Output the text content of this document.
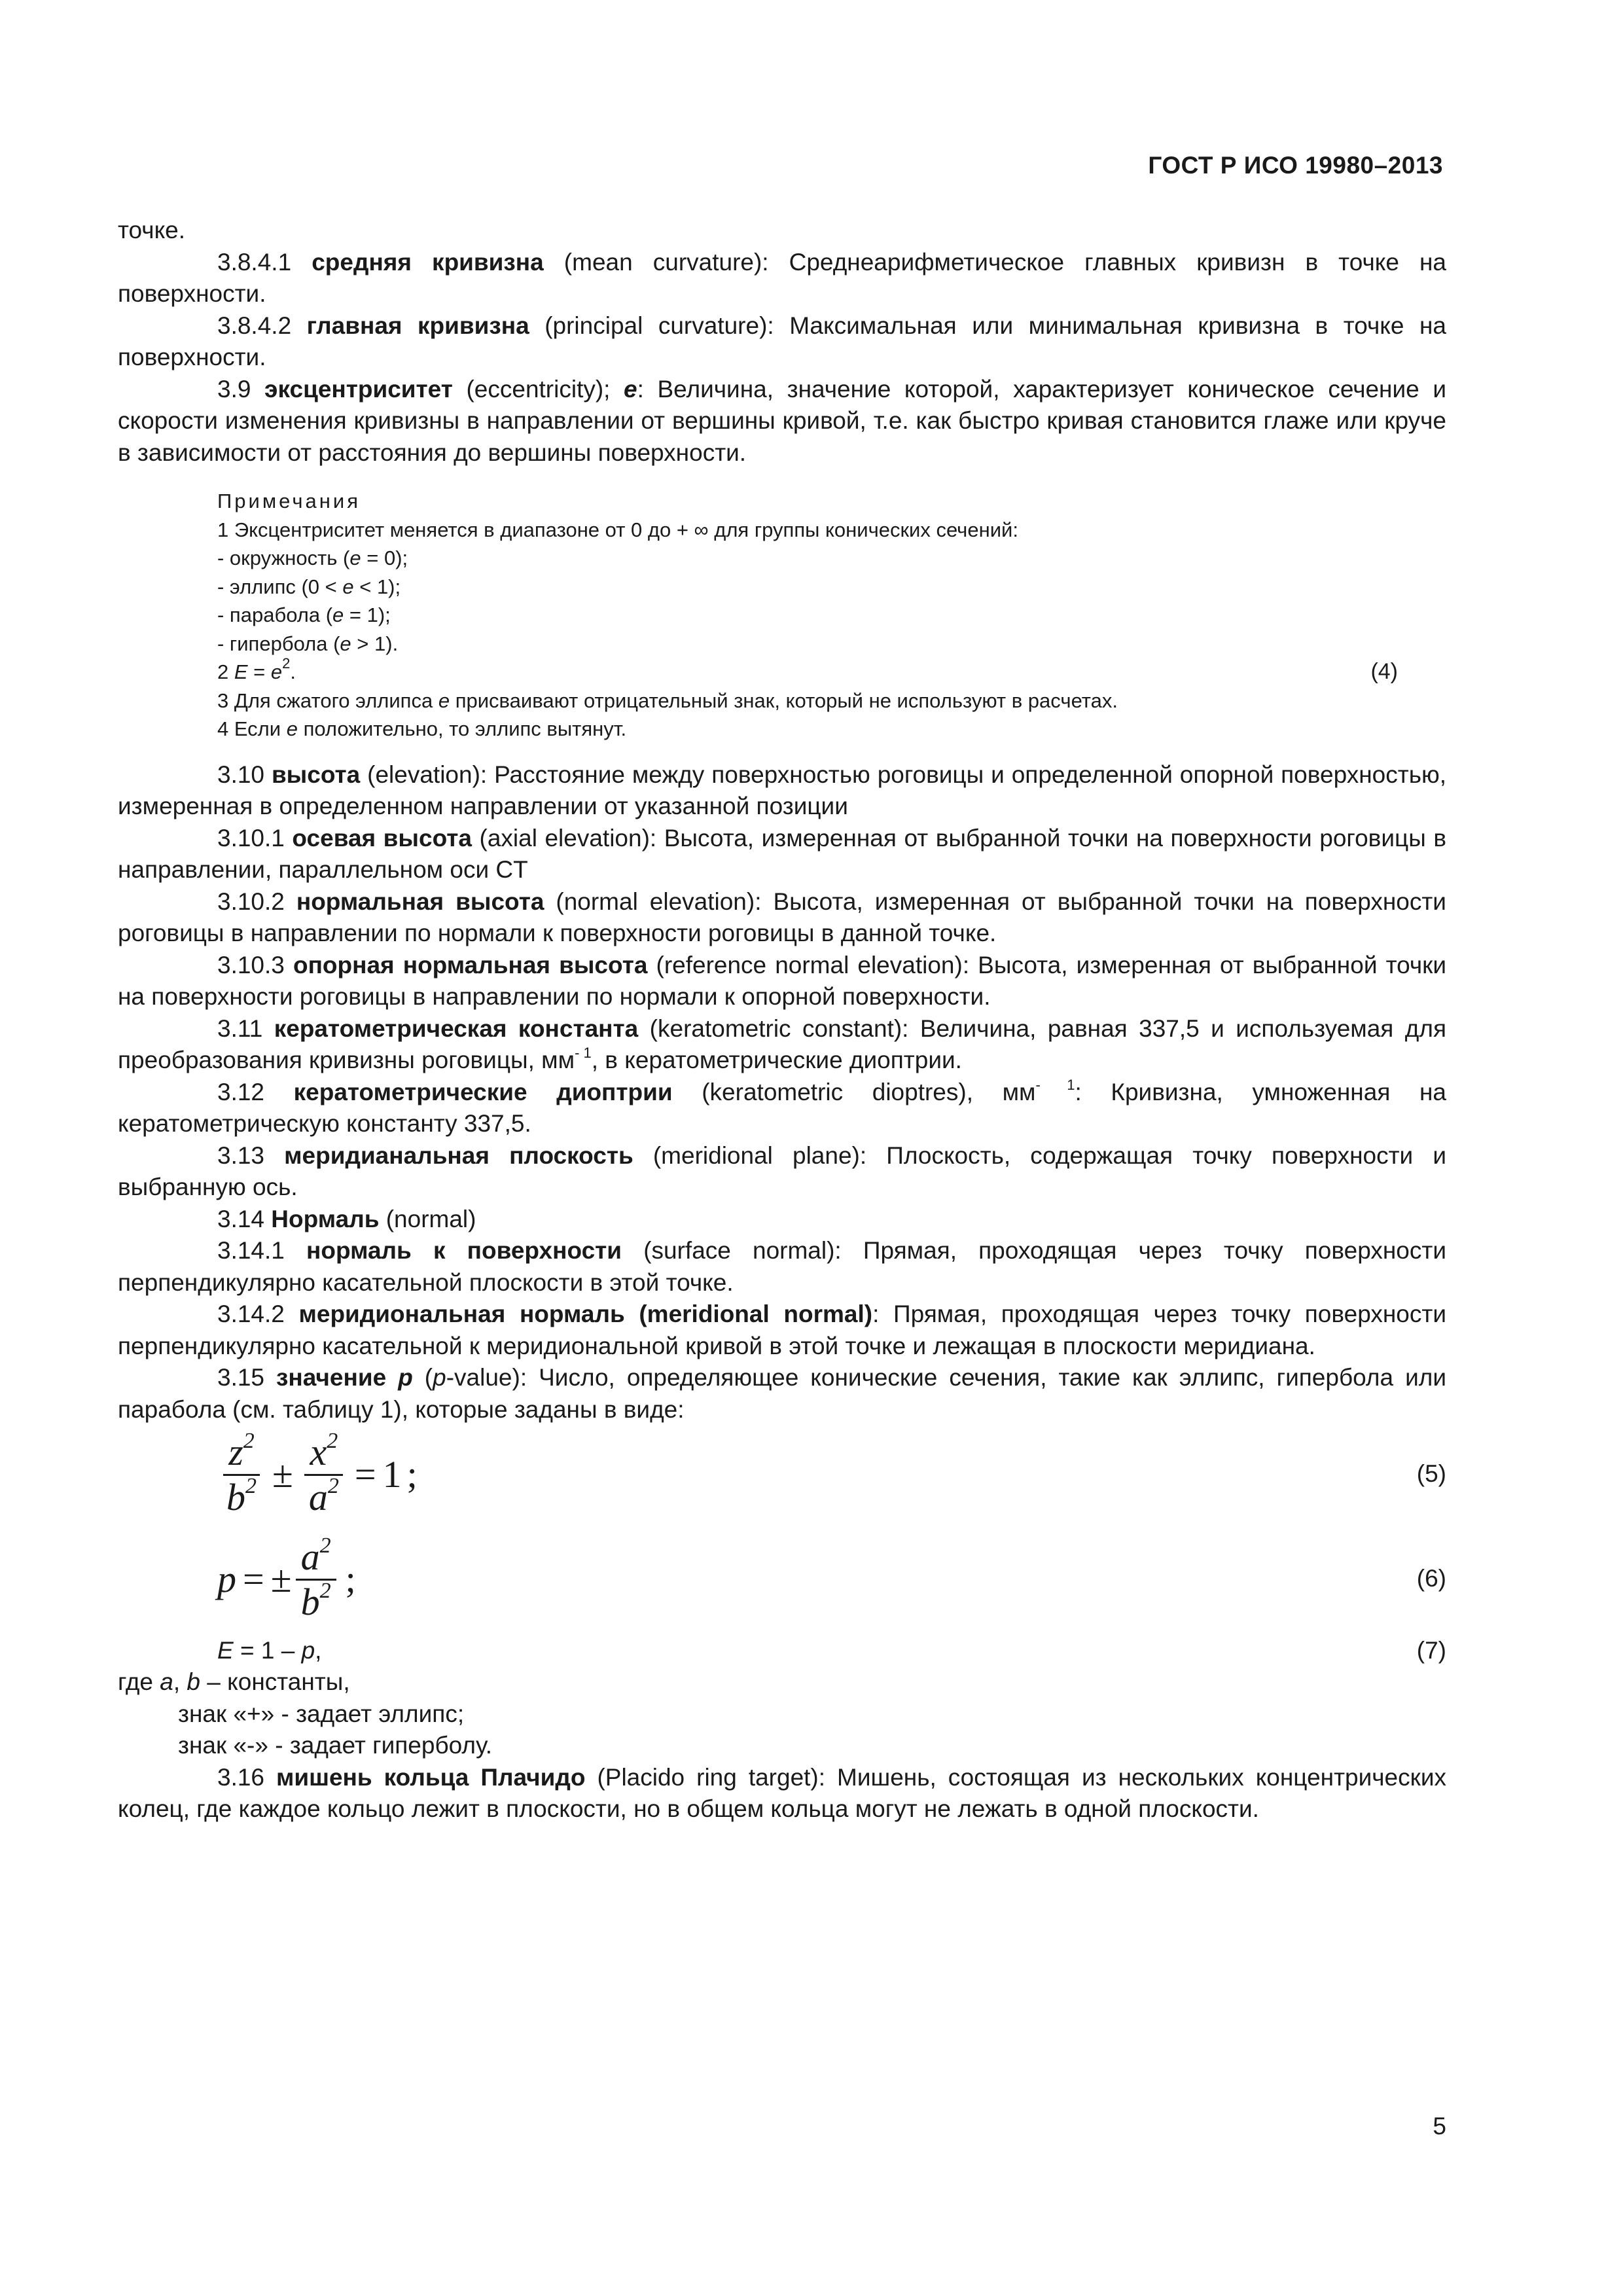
ГОСТ Р ИСО 19980–2013

точке.

3.8.4.1 средняя кривизна (mean curvature): Среднеарифметическое главных кривизн в точке на поверхности.

3.8.4.2 главная кривизна (principal curvature): Максимальная или минимальная кривизна в точке на поверхности.

3.9 эксцентриситет (eccentricity); e: Величина, значение которой, характеризует коническое сечение и скорости изменения кривизны в направлении от вершины кривой, т.е. как быстро кривая становится глаже или круче в зависимости от расстояния до вершины поверхности.

Примечания

1 Эксцентриситет меняется в диапазоне от 0 до + ∞ для группы конических сечений:

- окружность (e = 0);

- эллипс (0 < e < 1);

- парабола (e = 1);

- гипербола (e > 1).

2 $E = e^2$.	(4)

3 Для сжатого эллипса e присваивают отрицательный знак, который не используют в расчетах.

4 Если e положительно, то эллипс вытянут.

3.10 высота (elevation): Расстояние между поверхностью роговицы и определенной опорной поверхностью, измеренная в определенном направлении от указанной позиции

3.10.1 осевая высота (axial elevation): Высота, измеренная от выбранной точки на поверхности роговицы в направлении, параллельном оси CT

3.10.2 нормальная высота (normal elevation): Высота, измеренная от выбранной точки на поверхности роговицы в направлении по нормали к поверхности роговицы в данной точке.

3.10.3 опорная нормальная высота (reference normal elevation): Высота, измеренная от выбранной точки на поверхности роговицы в направлении по нормали к опорной поверхности.

3.11 кератометрическая константа (keratometric constant): Величина, равная 337,5 и используемая для преобразования кривизны роговицы, $мм^{- 1}$, в кератометрические диоптрии.

3.12 кератометрические диоптрии (keratometric dioptres), $мм^{- 1}$: Кривизна, умноженная на кератометрическую константу 337,5.

3.13 меридианальная плоскость (meridional plane): Плоскость, содержащая точку поверхности и выбранную ось.

3.14 Нормаль (normal)

3.14.1 нормаль к поверхности (surface normal): Прямая, проходящая через точку поверхности перпендикулярно касательной плоскости в этой точке.

3.14.2 меридиональная нормаль (meridional normal): Прямая, проходящая через точку поверхности перпендикулярно касательной к меридиональной кривой в этой точке и лежащая в плоскости меридиана.

3.15 значение p (p-value): Число, определяющее конические сечения, такие как эллипс, гипербола или парабола (см. таблицу 1), которые заданы в виде:

$\frac{z^2}{b^2} \pm \frac{x^2}{a^2} = 1$ ;	(5)
p = ± $\frac{a^2}{b^2}$ ;	(6)

E = 1 – p,	(7)

где a, b – константы,

знак «+» - задает эллипс;

знак «-» - задает гиперболу.

3.16 мишень кольца Плачидо (Placido ring target): Мишень, состоящая из нескольких концентрических колец, где каждое кольцо лежит в плоскости, но в общем кольца могут не лежать в одной плоскости.

5
